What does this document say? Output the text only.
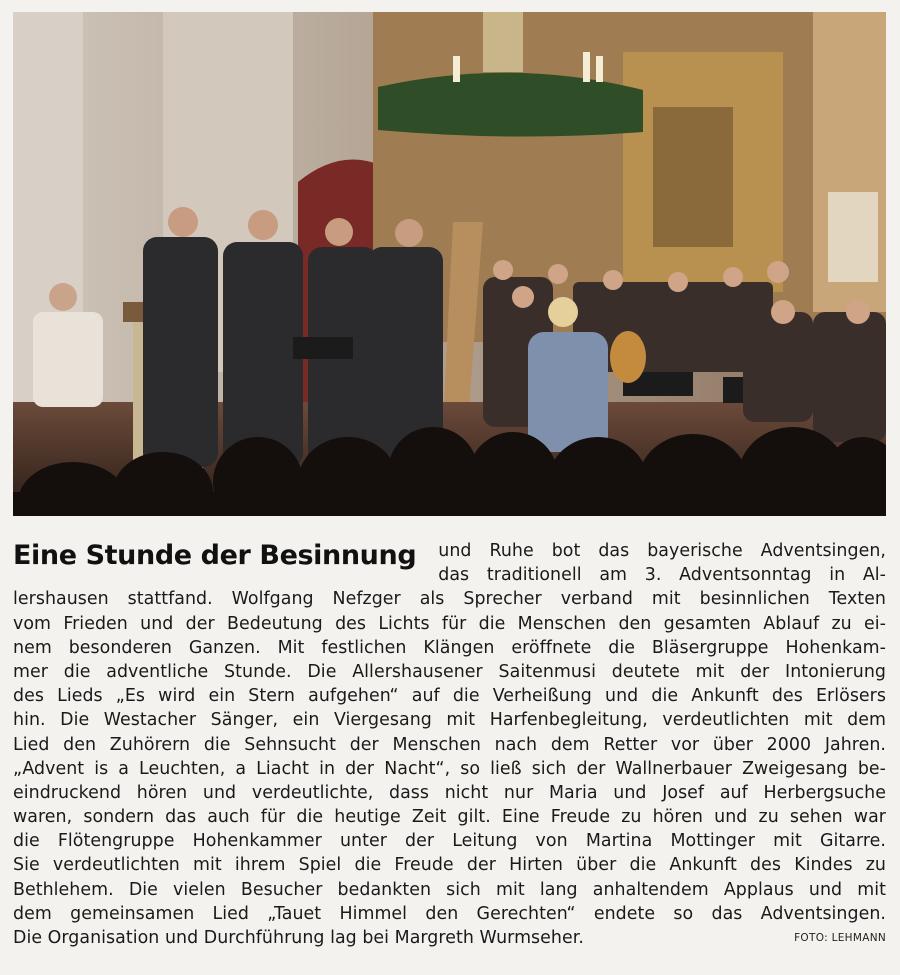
Eine Stunde der Besinnung und Ruhe bot das bayerische Adventsingen,
das traditionell am 3. Adventsonntag in Al-
lershausen stattfand. Wolfgang Nefzger als Sprecher verband mit besinnlichen Texten
vom Frieden und der Bedeutung des Lichts für die Menschen den gesamten Ablauf zu ei-
nem besonderen Ganzen. Mit festlichen Klängen eröffnete die Bläsergruppe Hohenkam-
mer die adventliche Stunde. Die Allershausener Saitenmusi deutete mit der Intonierung
des Lieds „Es wird ein Stern aufgehen“ auf die Verheißung und die Ankunft des Erlösers
hin. Die Westacher Sänger, ein Viergesang mit Harfenbegleitung, verdeutlichten mit dem
Lied den Zuhörern die Sehnsucht der Menschen nach dem Retter vor über 2000 Jahren.
„Advent is a Leuchten, a Liacht in der Nacht“, so ließ sich der Wallnerbauer Zweigesang be-
eindruckend hören und verdeutlichte, dass nicht nur Maria und Josef auf Herbergsuche
waren, sondern das auch für die heutige Zeit gilt. Eine Freude zu hören und zu sehen war
die Flötengruppe Hohenkammer unter der Leitung von Martina Mottinger mit Gitarre.
Sie verdeutlichten mit ihrem Spiel die Freude der Hirten über die Ankunft des Kindes zu
Bethlehem. Die vielen Besucher bedankten sich mit lang anhaltendem Applaus und mit
dem gemeinsamen Lied „Tauet Himmel den Gerechten“ endete so das Adventsingen.
Die Organisation und Durchführung lag bei Margreth Wurmseher.	FOTO: LEHMANN
